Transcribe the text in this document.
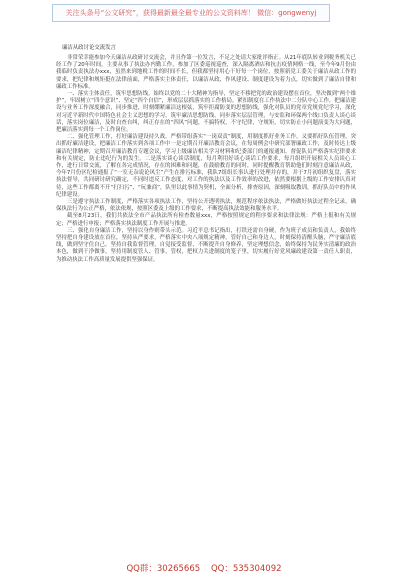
关注头条号“公文研究”，获得最新最全最专业的公文资料库！ 微信：gongwenyj
廉洁从政讨论交流发言

非常荣幸能参加今天廉洁从政研讨交流会，并且作第一位发言，不足之处请大家批评指正。从21年底队转业到税务机关已经工作了20年时间，主要从事了执法办内勤工作，参加了区委巡视巡查，深入隔离酒店和抗击疫情网格一线，至今年9月份由我临时负责执法办xxx，虽然来到地税工作的时间不长，但我都坚持用心干好每一个岗位，按照新党工委关于廉洁从政工作的要求，把纪律和规矩挺在法律前面，严格落实主体责任，以廉洁从政、作风建设、制度建设为着力点，切实做到了廉洁自律和廉政工作标准。

一、落实主体责任，筑牢思想防线。始终以党的二十大精神为指导，坚定不移把党的政治建设摆在首位，坚决做到“两个维护”，牢固树立“四个意识”、坚定“四个自信”，形成层层抓落实的工作格局。紧扣制度在工作执法中二分队中心工作，把廉洁建设与业务工作深度融合，同步推进，时刻绷紧廉洁这根弦，筑牢拒腐防变的思想防线，强化对队员的党章党规党纪学习，深化对习近平新时代中国特色社会主义思想的学习，筑牢廉洁思想防线。同步落实层层管理，与安监和环保两个线口负责人谈心谈话，落实岗位廉洁，及时自查自纠，纠正存在的“四风”问题，不搞特权，不守纪律，守规矩，切实防止小问题演变为大问题，把廉洁落实到每一个工作岗位。

二、强化管理工作，打好廉洁建设持久战。严格带组落实“一岗双责”制度，用制度抓好业务工作，又要抓好队伍管理，突出抓好廉洁建设，把廉洁工作落实到各项工作中一是定期召开廉洁教育会议，在每周例会中研究部署廉政工作，及时传达上级廉洁纪律精神，定期召开廉洁教育专题会议，学习上级廉洁相关学习材料和纪委部门的通报通知，督促队员严格落实纪律要求和有关规定，防止违纪行为的发生。二是落实谈心谈话制度，每月利用好谈心谈话工作要求，每月组织开展相关人员谈心工作，进行日常交流，了解在各完成情况，存在的困难和问题，在鼓励教育的同时，同时提醒教育帮助他们时刻注意廉洁从政，今年7月份区纪检通报了“一室无杂说论风尘”产生在排污标准，我队7组组长事认进行处理并存的，并于7月初组织复盘，落实执法督导，共同研讨研究确定，不同时违反工作态度，对工作的执法以及工作效率的改进，依然要根据上级的工作安排认真对待，这些工作都离不开“打扫污”、“玩兼商”，队里以此事情为契机，全面分析，排查原因，深刻吸取教训，抓好队员中的作风纪律建设。

三是遵守执法工作制度，严格落实各项执法工作，坚持公开透明执法，规范程序依法执法，严格做好执法过程全记录，确保执法行为公正严格，依法依规，按照区委及上级的工作要求，不断提高执法效能和服务水平。

截至8月23日，我们共依法全市产品执法所有检查数量xxx，严格按照规定的程序要求和法律法规：严格上报和有关规定；严格进行申报；严格落实执法制度工作开展与推进。

三、强化自身廉洁工作，坚持以身作则带头示范。习近平总书记指出，打铁还需自身硬，作为班子成员和负责人，我始终坚持把自身建设放在首位，坚持从严要求，严格落实中央八项规定精神，管好自己和身边人，时刻保持清醒头脑，严守廉洁底线，做到坚守住自己。坚持自我监督管理，自觉接受监督，不断提升自身修养，坚定理想信念，始终保持为民务实清廉的政治本色，做到干净做事，坚持用制度管人、管事、管权，把权力关进制度的笼子里，切实履行好党风廉政建设第一责任人职责，为推动执法工作高质量发展提供坚强保证。

QQ群：30265665 QQ：535304092
